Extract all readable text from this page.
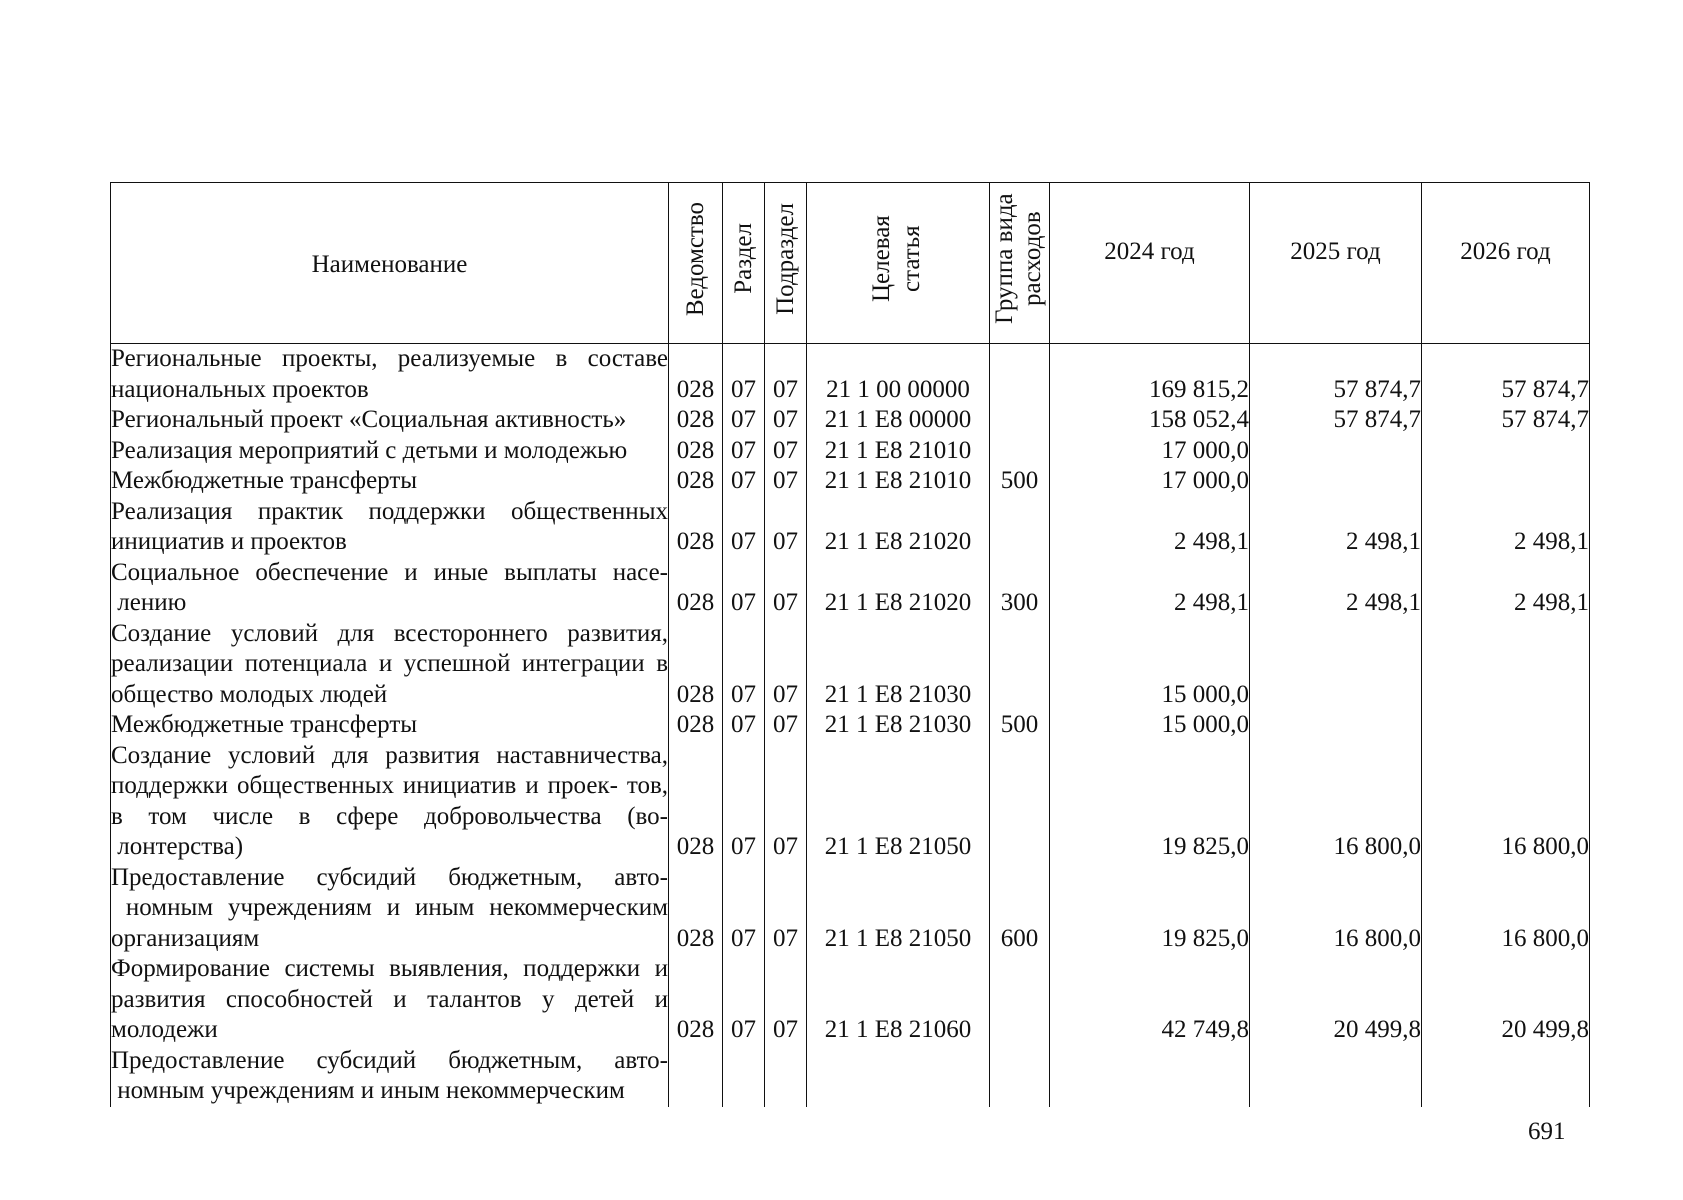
Наименование	Ведомство	Раздел	Подраздел	Целевая статья	Группа вида расходов	2024 год	2025 год	2026 год

Региональные проекты, реализуемые в составе национальных проектов	028	07	07	21 1 00 00000		169 815,2	57 874,7	57 874,7
Региональный проект «Социальная активность»	028	07	07	21 1 E8 00000		158 052,4	57 874,7	57 874,7
Реализация мероприятий с детьми и молодежью	028	07	07	21 1 E8 21010		17 000,0		
Межбюджетные трансферты	028	07	07	21 1 E8 21010	500	17 000,0		
Реализация практик поддержки общественных инициатив и проектов	028	07	07	21 1 E8 21020		2 498,1	2 498,1	2 498,1
Социальное обеспечение и иные выплаты насе- лению	028	07	07	21 1 E8 21020	300	2 498,1	2 498,1	2 498,1
Создание условий для всестороннего развития, реализации потенциала и успешной интеграции в общество молодых людей	028	07	07	21 1 E8 21030		15 000,0		
Межбюджетные трансферты	028	07	07	21 1 E8 21030	500	15 000,0		
Создание условий для развития наставничества, поддержки общественных инициатив и проек- тов, в том числе в сфере добровольчества (во- лонтерства)	028	07	07	21 1 E8 21050		19 825,0	16 800,0	16 800,0
Предоставление субсидий бюджетным, авто- номным учреждениям и иным некоммерческим организациям	028	07	07	21 1 E8 21050	600	19 825,0	16 800,0	16 800,0
Формирование системы выявления, поддержки и развития способностей и талантов у детей и молодежи	028	07	07	21 1 E8 21060		42 749,8	20 499,8	20 499,8
Предоставление субсидий бюджетным, авто- номным учреждениям и иным некоммерческим								
691
